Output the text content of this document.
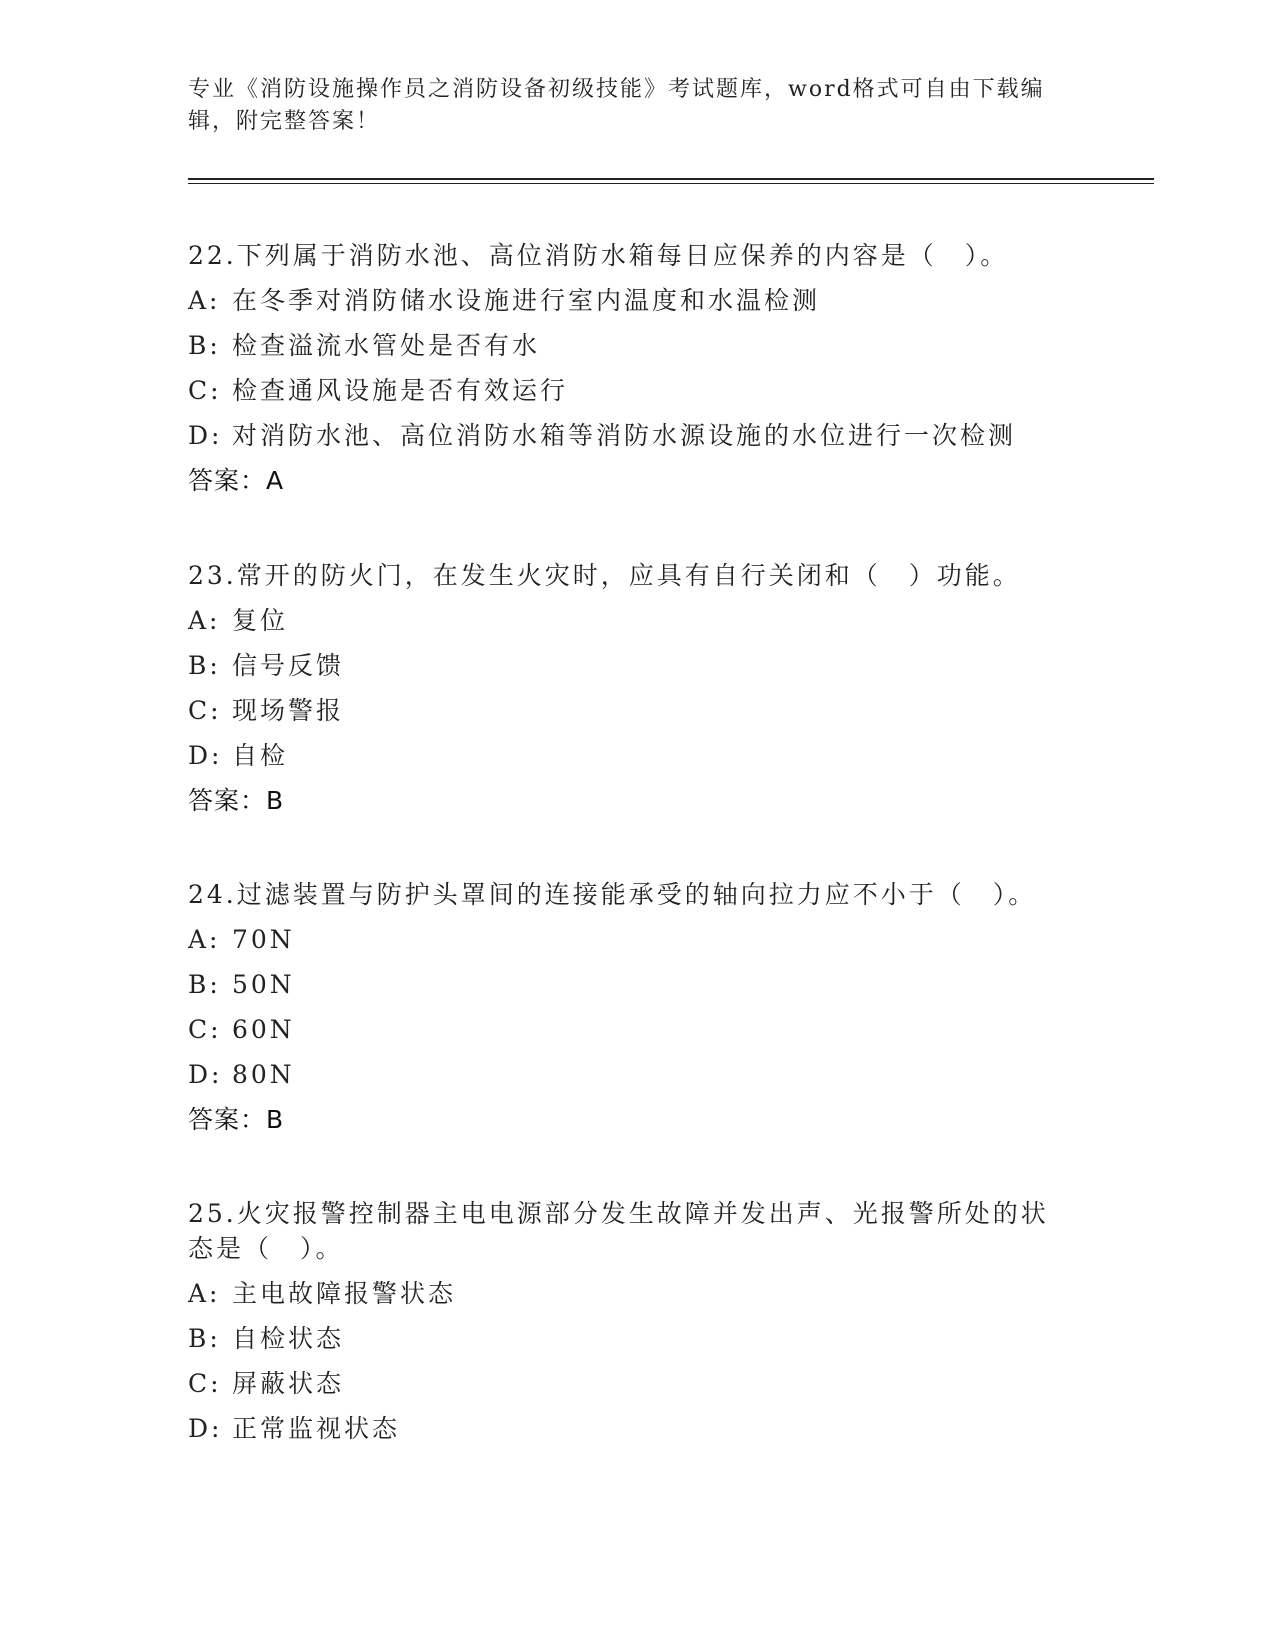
专业《消防设施操作员之消防设备初级技能》考试题库，word格式可自由下载编
辑，附完整答案！
22.下列属于消防水池、高位消防水箱每日应保养的内容是（　）。
A: 在冬季对消防储水设施进行室内温度和水温检测
B: 检查溢流水管处是否有水
C: 检查通风设施是否有效运行
D: 对消防水池、高位消防水箱等消防水源设施的水位进行一次检测
答案：A
23.常开的防火门，在发生火灾时，应具有自行关闭和（　）功能。
A: 复位
B: 信号反馈
C: 现场警报
D: 自检
答案：B
24.过滤装置与防护头罩间的连接能承受的轴向拉力应不小于（　）。
A: 70N
B: 50N
C: 60N
D: 80N
答案：B
25.火灾报警控制器主电电源部分发生故障并发出声、光报警所处的状
态是（　）。
A: 主电故障报警状态
B: 自检状态
C: 屏蔽状态
D: 正常监视状态
